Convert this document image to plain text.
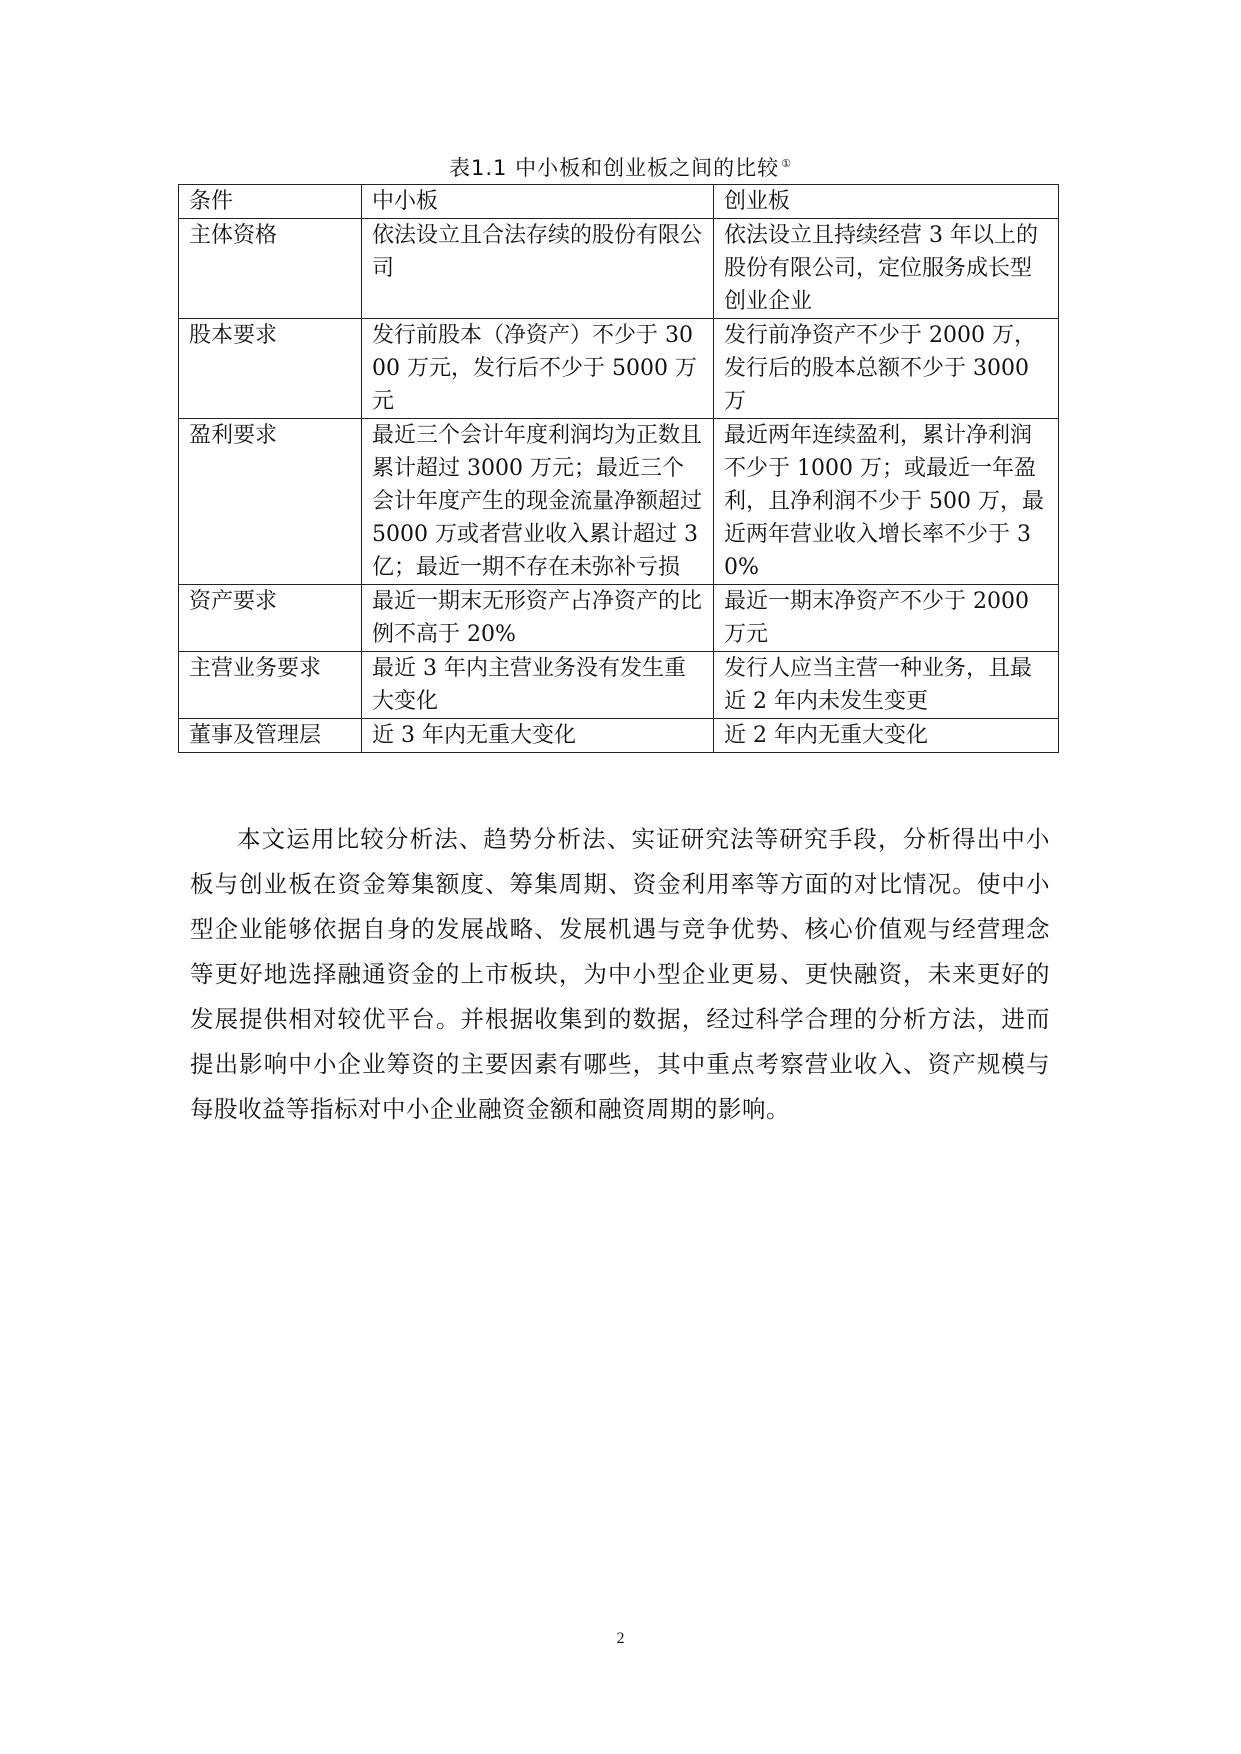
表1.1 中小板和创业板之间的比较 ①
条件	中小板	创业板
主体资格	依法设立且合法存续的股份有限公司	依法设立且持续经营 3 年以上的股份有限公司，定位服务成长型创业企业
股本要求	发行前股本（净资产）不少于 3000 万元，发行后不少于 5000 万元	发行前净资产不少于 2000 万，发行后的股本总额不少于 3000 万
盈利要求	最近三个会计年度利润均为正数且累计超过 3000 万元；最近三个会计年度产生的现金流量净额超过 5000 万或者营业收入累计超过 3 亿；最近一期不存在未弥补亏损	最近两年连续盈利，累计净利润不少于 1000 万；或最近一年盈利，且净利润不少于 500 万，最近两年营业收入增长率不少于 30%
资产要求	最近一期末无形资产占净资产的比例不高于 20%	最近一期末净资产不少于 2000 万元
主营业务要求	最近 3 年内主营业务没有发生重大变化	发行人应当主营一种业务，且最近 2 年内未发生变更
董事及管理层	近 3 年内无重大变化	近 2 年内无重大变化

本文运用比较分析法、趋势分析法、实证研究法等研究手段，分析得出中小板与创业板在资金筹集额度、筹集周期、资金利用率等方面的对比情况。使中小型企业能够依据自身的发展战略、发展机遇与竞争优势、核心价值观与经营理念等更好地选择融通资金的上市板块，为中小型企业更易、更快融资，未来更好的发展提供相对较优平台。并根据收集到的数据，经过科学合理的分析方法，进而提出影响中小企业筹资的主要因素有哪些，其中重点考察营业收入、资产规模与每股收益等指标对中小企业融资金额和融资周期的影响。

2
